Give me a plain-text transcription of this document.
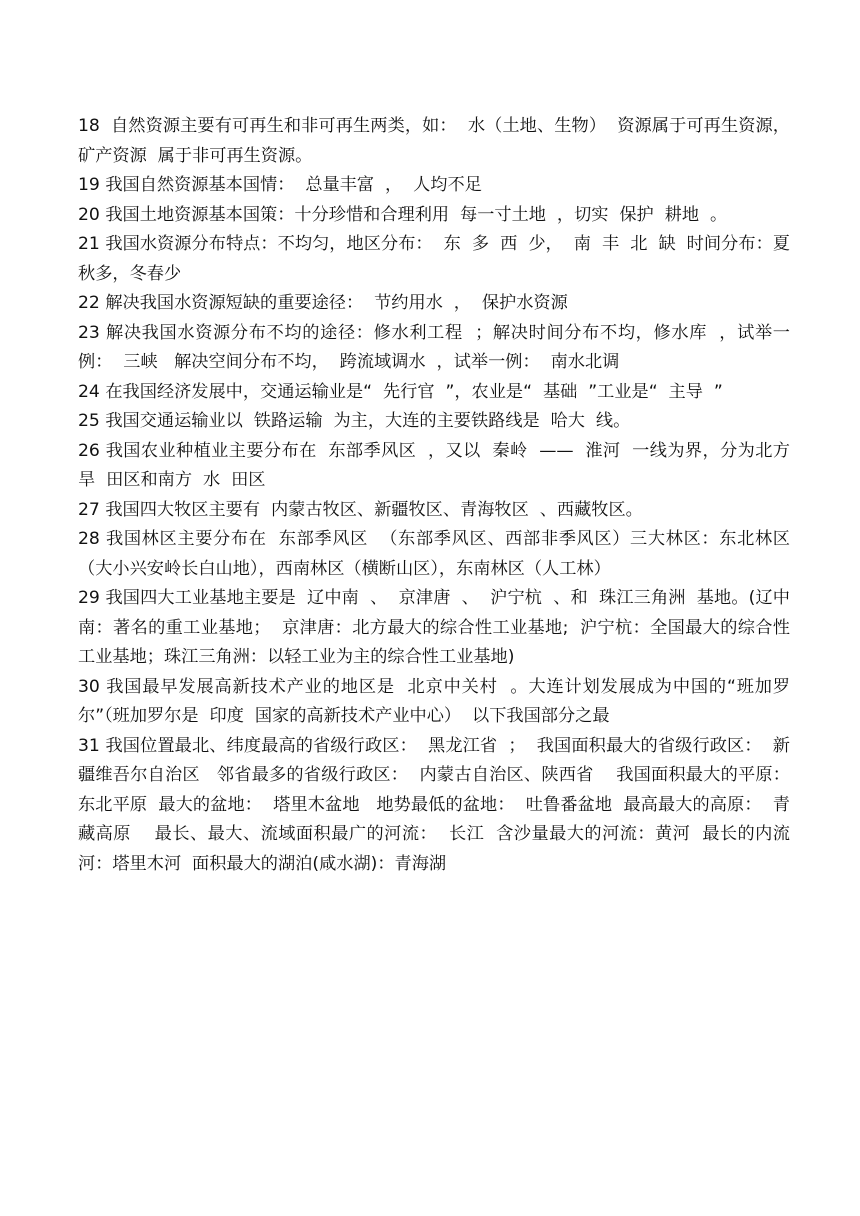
18  自然资源主要有可再生和非可再生两类，如：  水（土地、生物）  资源属于可再生资源，  矿产资源  属于非可再生资源。

19 我国自然资源基本国情：  总量丰富  ，  人均不足

20 我国土地资源基本国策：十分珍惜和合理利用  每一寸土地  ，切实  保护  耕地  。

21 我国水资源分布特点：不均匀，地区分布：  东  多  西  少，  南  丰  北  缺  时间分布：夏秋多，冬春少

22 解决我国水资源短缺的重要途径：  节约用水  ，  保护水资源

23 解决我国水资源分布不均的途径：修水利工程  ；解决时间分布不均，修水库  ，试举一例：  三峡   解决空间分布不均，  跨流域调水  ，试举一例：  南水北调

24 在我国经济发展中，交通运输业是“  先行官  ”，农业是“  基础  ”工业是“  主导  ”

25 我国交通运输业以  铁路运输  为主，大连的主要铁路线是  哈大  线。

26 我国农业种植业主要分布在  东部季风区  ，又以  秦岭  ——  淮河  一线为界，分为北方  旱  田区和南方  水  田区

27 我国四大牧区主要有  内蒙古牧区、新疆牧区、青海牧区  、西藏牧区。

28 我国林区主要分布在  东部季风区  （东部季风区、西部非季风区）三大林区：东北林区（大小兴安岭长白山地），西南林区（横断山区），东南林区（人工林）

29 我国四大工业基地主要是  辽中南  、  京津唐  、  沪宁杭  、和  珠江三角洲  基地。(辽中南：著名的重工业基地；  京津唐：北方最大的综合性工业基地;  沪宁杭：全国最大的综合性工业基地；珠江三角洲：以轻工业为主的综合性工业基地)

30 我国最早发展高新技术产业的地区是  北京中关村  。大连计划发展成为中国的“班加罗尔”（班加罗尔是  印度  国家的高新技术产业中心）  以下我国部分之最

31 我国位置最北、纬度最高的省级行政区：  黑龙江省  ；  我国面积最大的省级行政区：  新疆维吾尔自治区   邻省最多的省级行政区：  内蒙古自治区、陕西省    我国面积最大的平原：  东北平原  最大的盆地：  塔里木盆地   地势最低的盆地：  吐鲁番盆地  最高最大的高原：  青藏高原    最长、最大、流域面积最广的河流：  长江  含沙量最大的河流：黄河  最长的内流河：塔里木河  面积最大的湖泊(咸水湖)：青海湖
